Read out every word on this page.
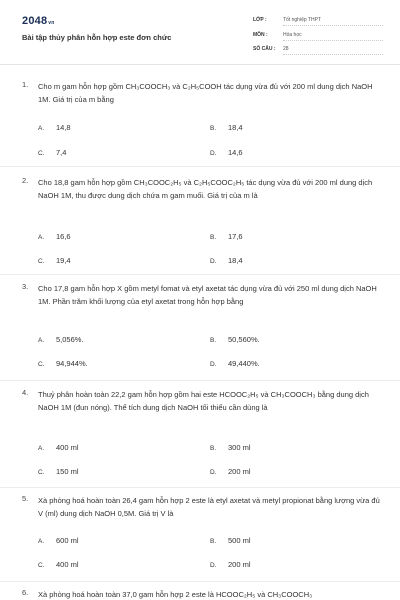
2048vn
Bài tập thủy phân hỗn hợp este đơn chức
LỚP :	Tốt nghiệp THPT
MÔN :	Hóa học
SỐ CÂU :	28
1. Cho m gam hỗn hợp gồm CH₃COOCH₃ và C₂H₅COOH tác dụng vừa đủ với 200 ml dung dịch NaOH 1M. Giá trị của m bằng
A. 14,8	B. 18,4
C. 7,4	D. 14,6
2. Cho 18,8 gam hỗn hợp gồm CH₃COOC₂H₅ và C₂H₅COOC₂H₅ tác dụng vừa đủ với 200 ml dung dịch NaOH 1M, thu được dung dịch chứa m gam muối. Giá trị của m là
A. 16,6	B. 17,6
C. 19,4	D. 18,4
3. Cho 17,8 gam hỗn hợp X gồm metyl fomat và etyl axetat tác dụng vừa đủ với 250 ml dung dịch NaOH 1M. Phần trăm khối lượng của etyl axetat trong hỗn hợp bằng
A. 5,056%.	B. 50,560%.
C. 94,944%.	D. 49,440%.
4. Thuỷ phân hoàn toàn 22,2 gam hỗn hợp gồm hai este HCOOC₂H₅ và CH₃COOCH₃ bằng dung dịch NaOH 1M (đun nóng). Thể tích dung dịch NaOH tối thiểu cần dùng là
A. 400 ml	B. 300 ml
C. 150 ml	D. 200 ml
5. Xà phòng hoá hoàn toàn 26,4 gam hỗn hợp 2 este là etyl axetat và metyl propionat bằng lượng vừa đủ V (ml) dung dịch NaOH 0,5M. Giá trị V là
A. 600 ml	B. 500 ml
C. 400 ml	D. 200 ml
6. Xà phòng hoá hoàn toàn 37,0 gam hỗn hợp 2 este là HCOOC₂H₅ và CH₃COOCH₃
